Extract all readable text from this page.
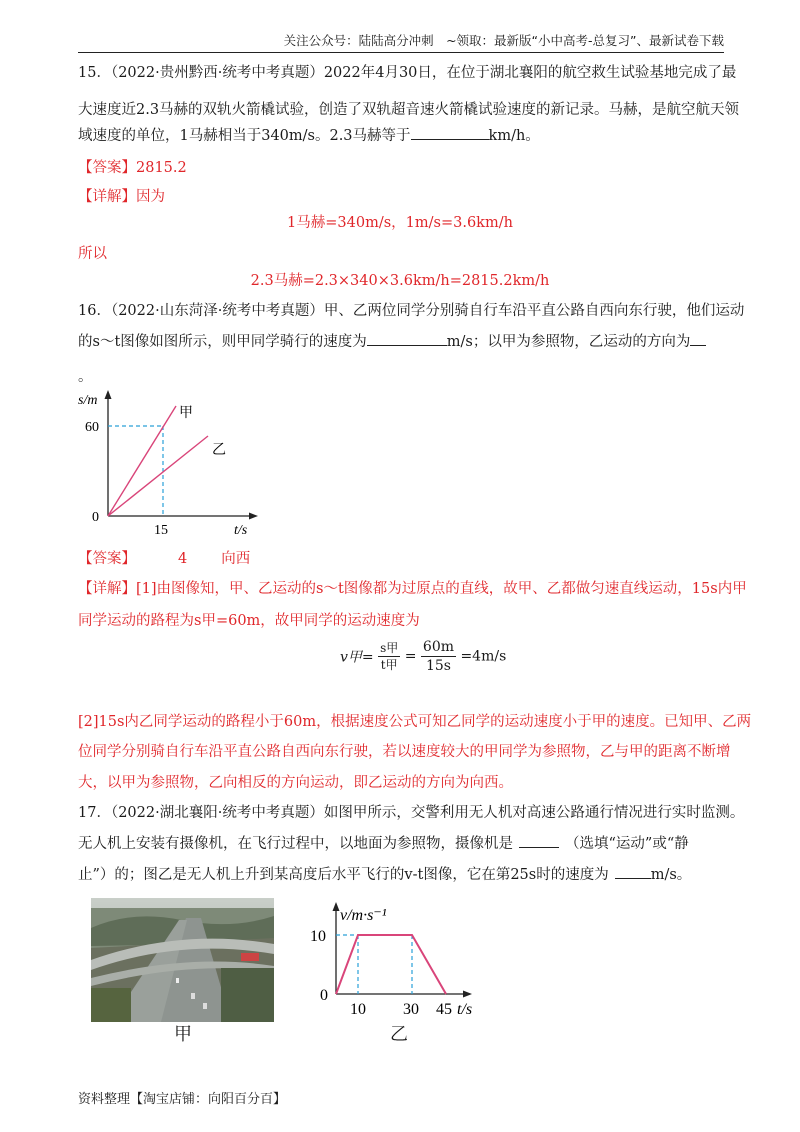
关注公众号：陆陆高分冲刺　~领取：最新版“小中高考-总复习”、最新试卷下载
15．（2022·贵州黔西·统考中考真题）2022年4月30日，在位于湖北襄阳的航空救生试验基地完成了最
大速度近2.3马赫的双轨火箭橇试验，创造了双轨超音速火箭橇试验速度的新记录。马赫，是航空航天领
域速度的单位，1马赫相当于340m/s。2.3马赫等于	km/h。
【答案】2815.2
【详解】因为
1马赫=340m/s，1m/s=3.6km/h
所以
2.3马赫=2.3×340×3.6km/h=2815.2km/h
16．（2022·山东菏泽·统考中考真题）甲、乙两位同学分别骑自行车沿平直公路自西向东行驶，他们运动
的s～t图像如图所示，则甲同学骑行的速度为	m/s；以甲为参照物，乙运动的方向为
。
s/m
60
15
0
t/s
甲
乙
【答案】	4 向西
【详解】[1]由图像知，甲、乙运动的s～t图像都为过原点的直线，故甲、乙都做匀速直线运动，15s内甲
同学运动的路程为s甲=60m，故甲同学的运动速度为
v甲= $\frac{\text{s甲}}{\text{t甲}} = \frac{60m}{15s} =4m/s$
[2]15s内乙同学运动的路程小于60m，根据速度公式可知乙同学的运动速度小于甲的速度。已知甲、乙两
位同学分别骑自行车沿平直公路自西向东行驶，若以速度较大的甲同学为参照物，乙与甲的距离不断增
大，以甲为参照物，乙向相反的方向运动，即乙运动的方向为向西。
17．（2022·湖北襄阳·统考中考真题）如图甲所示，交警利用无人机对高速公路通行情况进行实时监测。
无人机上安装有摄像机，在飞行过程中，以地面为参照物，摄像机是	（选填“运动”或“静
止”）的；图乙是无人机上升到某高度后水平飞行的v-t图像，它在第25s时的速度为	m/s。
甲
v/m·s⁻¹
10
0
10 30 45 t/s
乙
资料整理【淘宝店铺：向阳百分百】
